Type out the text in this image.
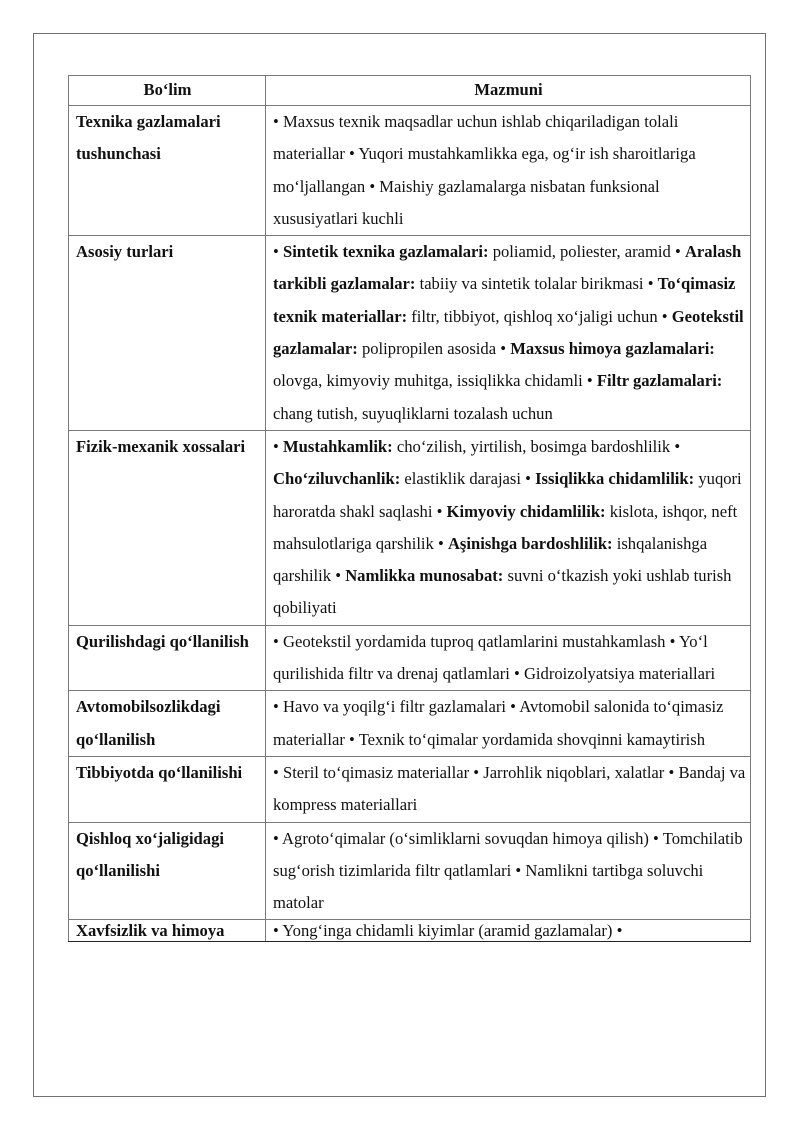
Bo‘lim	Mazmuni
Texnika gazlamalari tushunchasi	• Maxsus texnik maqsadlar uchun ishlab chiqariladigan tolali materiallar • Yuqori mustahkamlikka ega, og‘ir ish sharoitlariga mo‘ljallangan • Maishiy gazlamalarga nisbatan funksional xususiyatlari kuchli
Asosiy turlari	• Sintetik texnika gazlamalari: poliamid, poliester, aramid • Aralash tarkibli gazlamalar: tabiiy va sintetik tolalar birikmasi • To‘qimasiz texnik materiallar: filtr, tibbiyot, qishloq xo‘jaligi uchun • Geotekstil gazlamalar: polipropilen asosida • Maxsus himoya gazlamalari: olovga, kimyoviy muhitga, issiqlikka chidamli • Filtr gazlamalari: chang tutish, suyuqliklarni tozalash uchun
Fizik-mexanik xossalari	• Mustahkamlik: cho‘zilish, yirtilish, bosimga bardoshlilik • Cho‘ziluvchanlik: elastiklik darajasi • Issiqlikka chidamlilik: yuqori haroratda shakl saqlashi • Kimyoviy chidamlilik: kislota, ishqor, neft mahsulotlariga qarshilik • Aşinishga bardoshlilik: ishqalanishga qarshilik • Namlikka munosabat: suvni o‘tkazish yoki ushlab turish qobiliyati
Qurilishdagi qo‘llanilish	• Geotekstil yordamida tuproq qatlamlarini mustahkamlash • Yo‘l qurilishida filtr va drenaj qatlamlari • Gidroizolyatsiya materiallari
Avtomobilsozlikdagi qo‘llanilish	• Havo va yoqilg‘i filtr gazlamalari • Avtomobil salonida to‘qimasiz materiallar • Texnik to‘qimalar yordamida shovqinni kamaytirish
Tibbiyotda qo‘llanilishi	• Steril to‘qimasiz materiallar • Jarrohlik niqoblari, xalatlar • Bandaj va kompress materiallari
Qishloq xo‘jaligidagi qo‘llanilishi	• Agroto‘qimalar (o‘simliklarni sovuqdan himoya qilish) • Tomchilatib sug‘orish tizimlarida filtr qatlamlari • Namlikni tartibga soluvchi matolar
Xavfsizlik va himoya	• Yong‘inga chidamli kiyimlar (aramid gazlamalar) •
